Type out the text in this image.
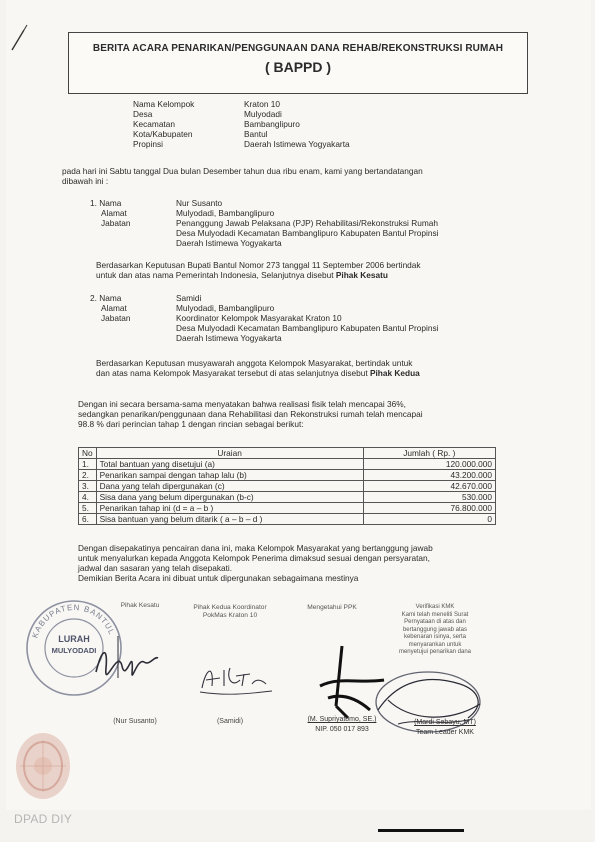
BERITA ACARA PENARIKAN/PENGGUNAAN DANA REHAB/REKONSTRUKSI RUMAH
( BAPPD )
Nama Kelompok	Kraton 10
Desa	Mulyodadi
Kecamatan	Bambanglipuro
Kota/Kabupaten	Bantul
Propinsi	Daerah Istimewa Yogyakarta
pada hari ini Sabtu tanggal Dua bulan Desember tahun dua ribu enam, kami yang bertandatangan
dibawah ini :
1. Nama	Nur Susanto
Alamat	Mulyodadi, Bambanglipuro
Jabatan	Penanggung Jawab Pelaksana (PJP) Rehabilitasi/Rekonstruksi Rumah
Desa Mulyodadi Kecamatan Bambanglipuro Kabupaten Bantul Propinsi
Daerah Istimewa Yogyakarta
Berdasarkan Keputusan Bupati Bantul Nomor 273 tanggal 11 September 2006 bertindak
untuk dan atas nama Pemerintah Indonesia, Selanjutnya disebut Pihak Kesatu
2. Nama	Samidi
Alamat	Mulyodadi, Bambanglipuro
Jabatan	Koordinator Kelompok Masyarakat Kraton 10
Desa Mulyodadi Kecamatan Bambanglipuro Kabupaten Bantul Propinsi
Daerah Istimewa Yogyakarta
Berdasarkan Keputusan musyawarah anggota Kelompok Masyarakat, bertindak untuk
dan atas nama Kelompok Masyarakat tersebut di atas selanjutnya disebut Pihak Kedua
Dengan ini secara bersama-sama menyatakan bahwa realisasi fisik telah mencapai 36%,
sedangkan penarikan/penggunaan dana Rehabilitasi dan Rekonstruksi rumah telah mencapai
98.8 % dari perincian tahap 1 dengan rincian sebagai berikut:
No	Uraian	Jumlah ( Rp. )
1.	Total bantuan yang disetujui (a)	120.000.000
2.	Penarikan sampai dengan tahap lalu (b)	43.200.000
3.	Dana yang telah dipergunakan (c)	42.670.000
4.	Sisa dana yang belum dipergunakan (b-c)	530.000
5.	Penarikan tahap ini (d = a – b )	76.800.000
6.	Sisa bantuan yang belum ditarik ( a – b – d )	0
Dengan disepakatinya pencairan dana ini, maka Kelompok Masyarakat yang bertanggung jawab
untuk menyalurkan kepada Anggota Kelompok Penerima dimaksud sesuai dengan persyaratan,
jadwal dan sasaran yang telah disepakati.
Demikian Berita Acara ini dibuat untuk dipergunakan sebagaimana mestinya
Pihak Kesatu	Pihak Kedua Koordinator
PokMas Kraton 10
Mengetahui PPK	Verifikasi KMK
Kami telah meneliti Surat
Pernyataan di atas dan
bertanggung jawab atas
kebenaran isinya, serta
menyarankan untuk
menyetujui penarikan dana
KABUPATEN BANTUL
LURAH
MULYODADI
(Nur Susanto)	(Samidi)	(M. Supriyatomo, SE.)
NIP. 050 017 893
(Mardi Sebayu, MT)
Team Leader KMK
DPAD DIY
